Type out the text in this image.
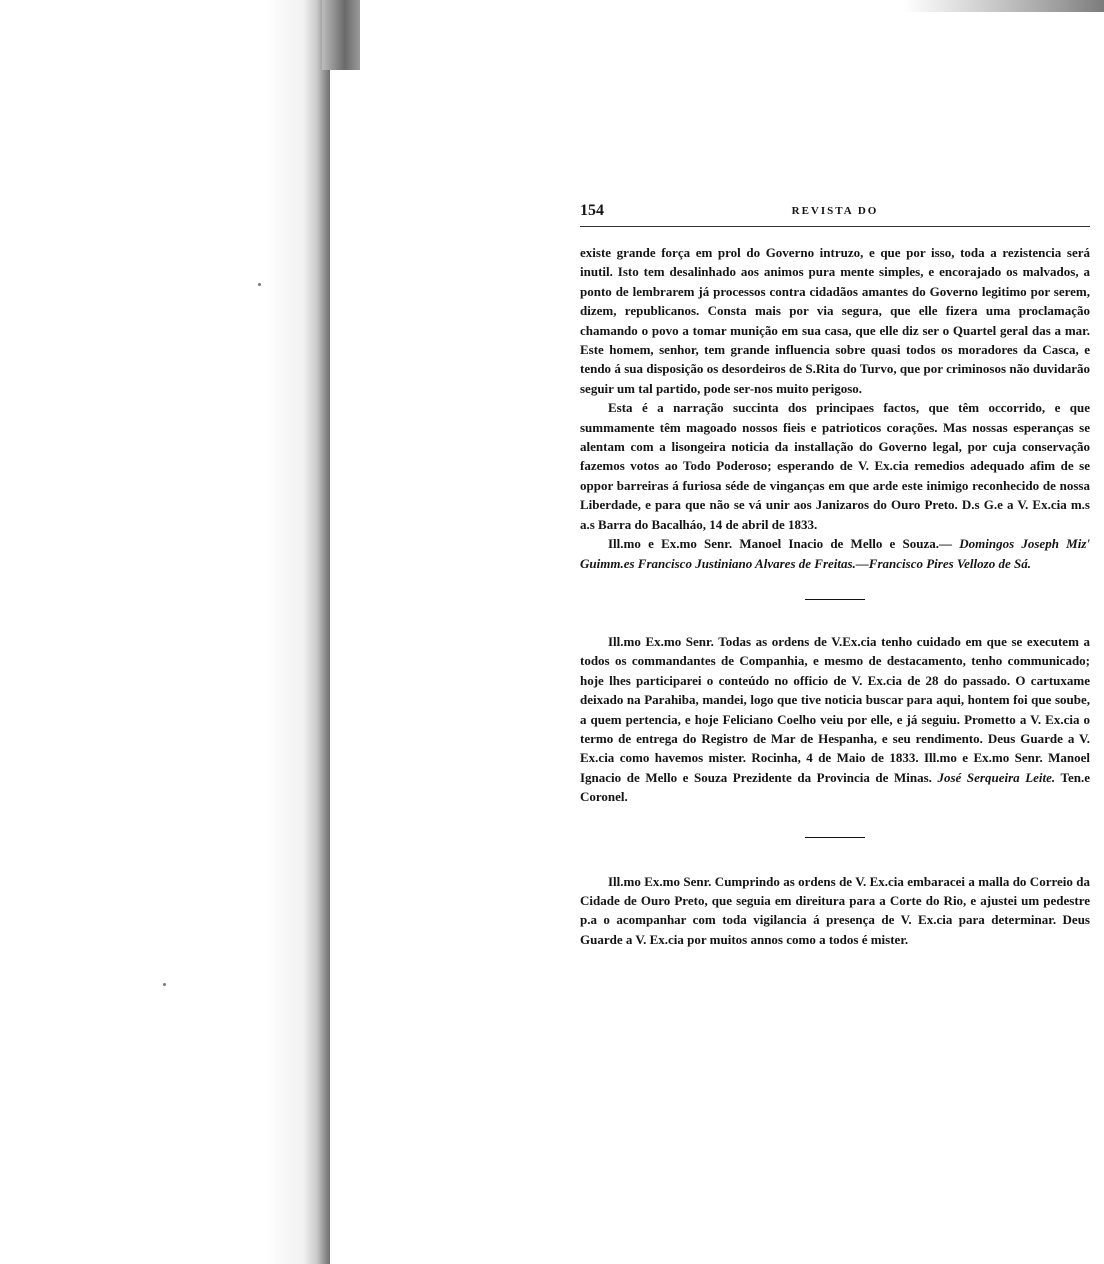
154	REVISTA DO

existe grande força em prol do Governo intruzo, e que por isso, toda a rezistencia será inutil. Isto tem desalinhado aos animos pura mente simples, e encorajado os malvados, a ponto de lembrarem já processos contra cidadãos amantes do Governo legitimo por serem, dizem, republicanos. Consta mais por via segura, que elle fizera uma proclamação chamando o povo a tomar munição em sua casa, que elle diz ser o Quartel geral das a mar. Este homem, senhor, tem grande influencia sobre quasi todos os moradores da Casca, e tendo á sua disposição os desordeiros de S.Rita do Turvo, que por criminosos não duvidarão seguir um tal partido, pode ser-nos muito perigoso.

Esta é a narração succinta dos principaes factos, que têm occorrido, e que summamente têm magoado nossos fieis e patrioticos corações. Mas nossas esperanças se alentam com a lisongeira noticia da installação do Governo legal, por cuja conservação fazemos votos ao Todo Poderoso; esperando de V. Ex.cia remedios adequado afim de se oppor barreiras á furiosa séde de vinganças em que arde este inimigo reconhecido de nossa Liberdade, e para que não se vá unir aos Janizaros do Ouro Preto. D.s G.e a V. Ex.cia m.s a.s Barra do Bacalháo, 14 de abril de 1833.

Ill.mo e Ex.mo Senr. Manoel Inacio de Mello e Souza.— Domingos Joseph Miz' Guimm.es Francisco Justiniano Alvares de Freitas.—Francisco Pires Vellozo de Sá.

Ill.mo Ex.mo Senr. Todas as ordens de V.Ex.cia tenho cuidado em que se executem a todos os commandantes de Companhia, e mesmo de destacamento, tenho communicado; hoje lhes participarei o conteúdo no officio de V. Ex.cia de 28 do passado. O cartuxame deixado na Parahiba, mandei, logo que tive noticia buscar para aqui, hontem foi que soube, a quem pertencia, e hoje Feliciano Coelho veiu por elle, e já seguiu. Prometto a V. Ex.cia o termo de entrega do Registro de Mar de Hespanha, e seu rendimento. Deus Guarde a V. Ex.cia como havemos mister. Rocinha, 4 de Maio de 1833. Ill.mo e Ex.mo Senr. Manoel Ignacio de Mello e Souza Prezidente da Provincia de Minas. José Serqueira Leite. Ten.e Coronel.

Ill.mo Ex.mo Senr. Cumprindo as ordens de V. Ex.cia embaracei a malla do Correio da Cidade de Ouro Preto, que seguia em direitura para a Corte do Rio, e ajustei um pedestre p.a o acompanhar com toda vigilancia á presença de V. Ex.cia para determinar. Deus Guarde a V. Ex.cia por muitos annos como a todos é mister.
